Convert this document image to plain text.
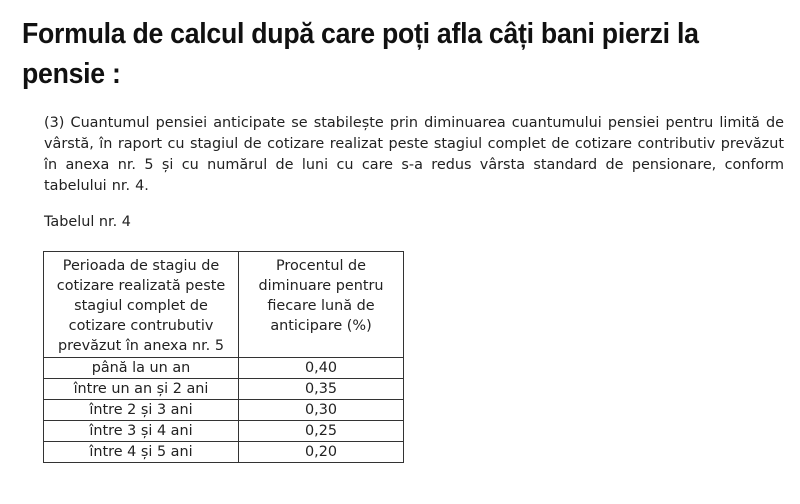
Formula de calcul după care poți afla câți bani pierzi la pensie :

(3) Cuantumul pensiei anticipate se stabilește prin diminuarea cuantumului pensiei pentru limită de vârstă, în raport cu stagiul de cotizare realizat peste stagiul complet de cotizare contributiv prevăzut în anexa nr. 5 și cu numărul de luni cu care s-a redus vârsta standard de pensionare, conform tabelului nr. 4.

Tabelul nr. 4

Perioada de stagiu de cotizare realizată peste stagiul complet de cotizare contrubutiv prevăzut în anexa nr. 5	Procentul de diminuare pentru fiecare lună de anticipare (%)
până la un an	0,40
între un an și 2 ani	0,35
între 2 și 3 ani	0,30
între 3 și 4 ani	0,25
între 4 și 5 ani	0,20
